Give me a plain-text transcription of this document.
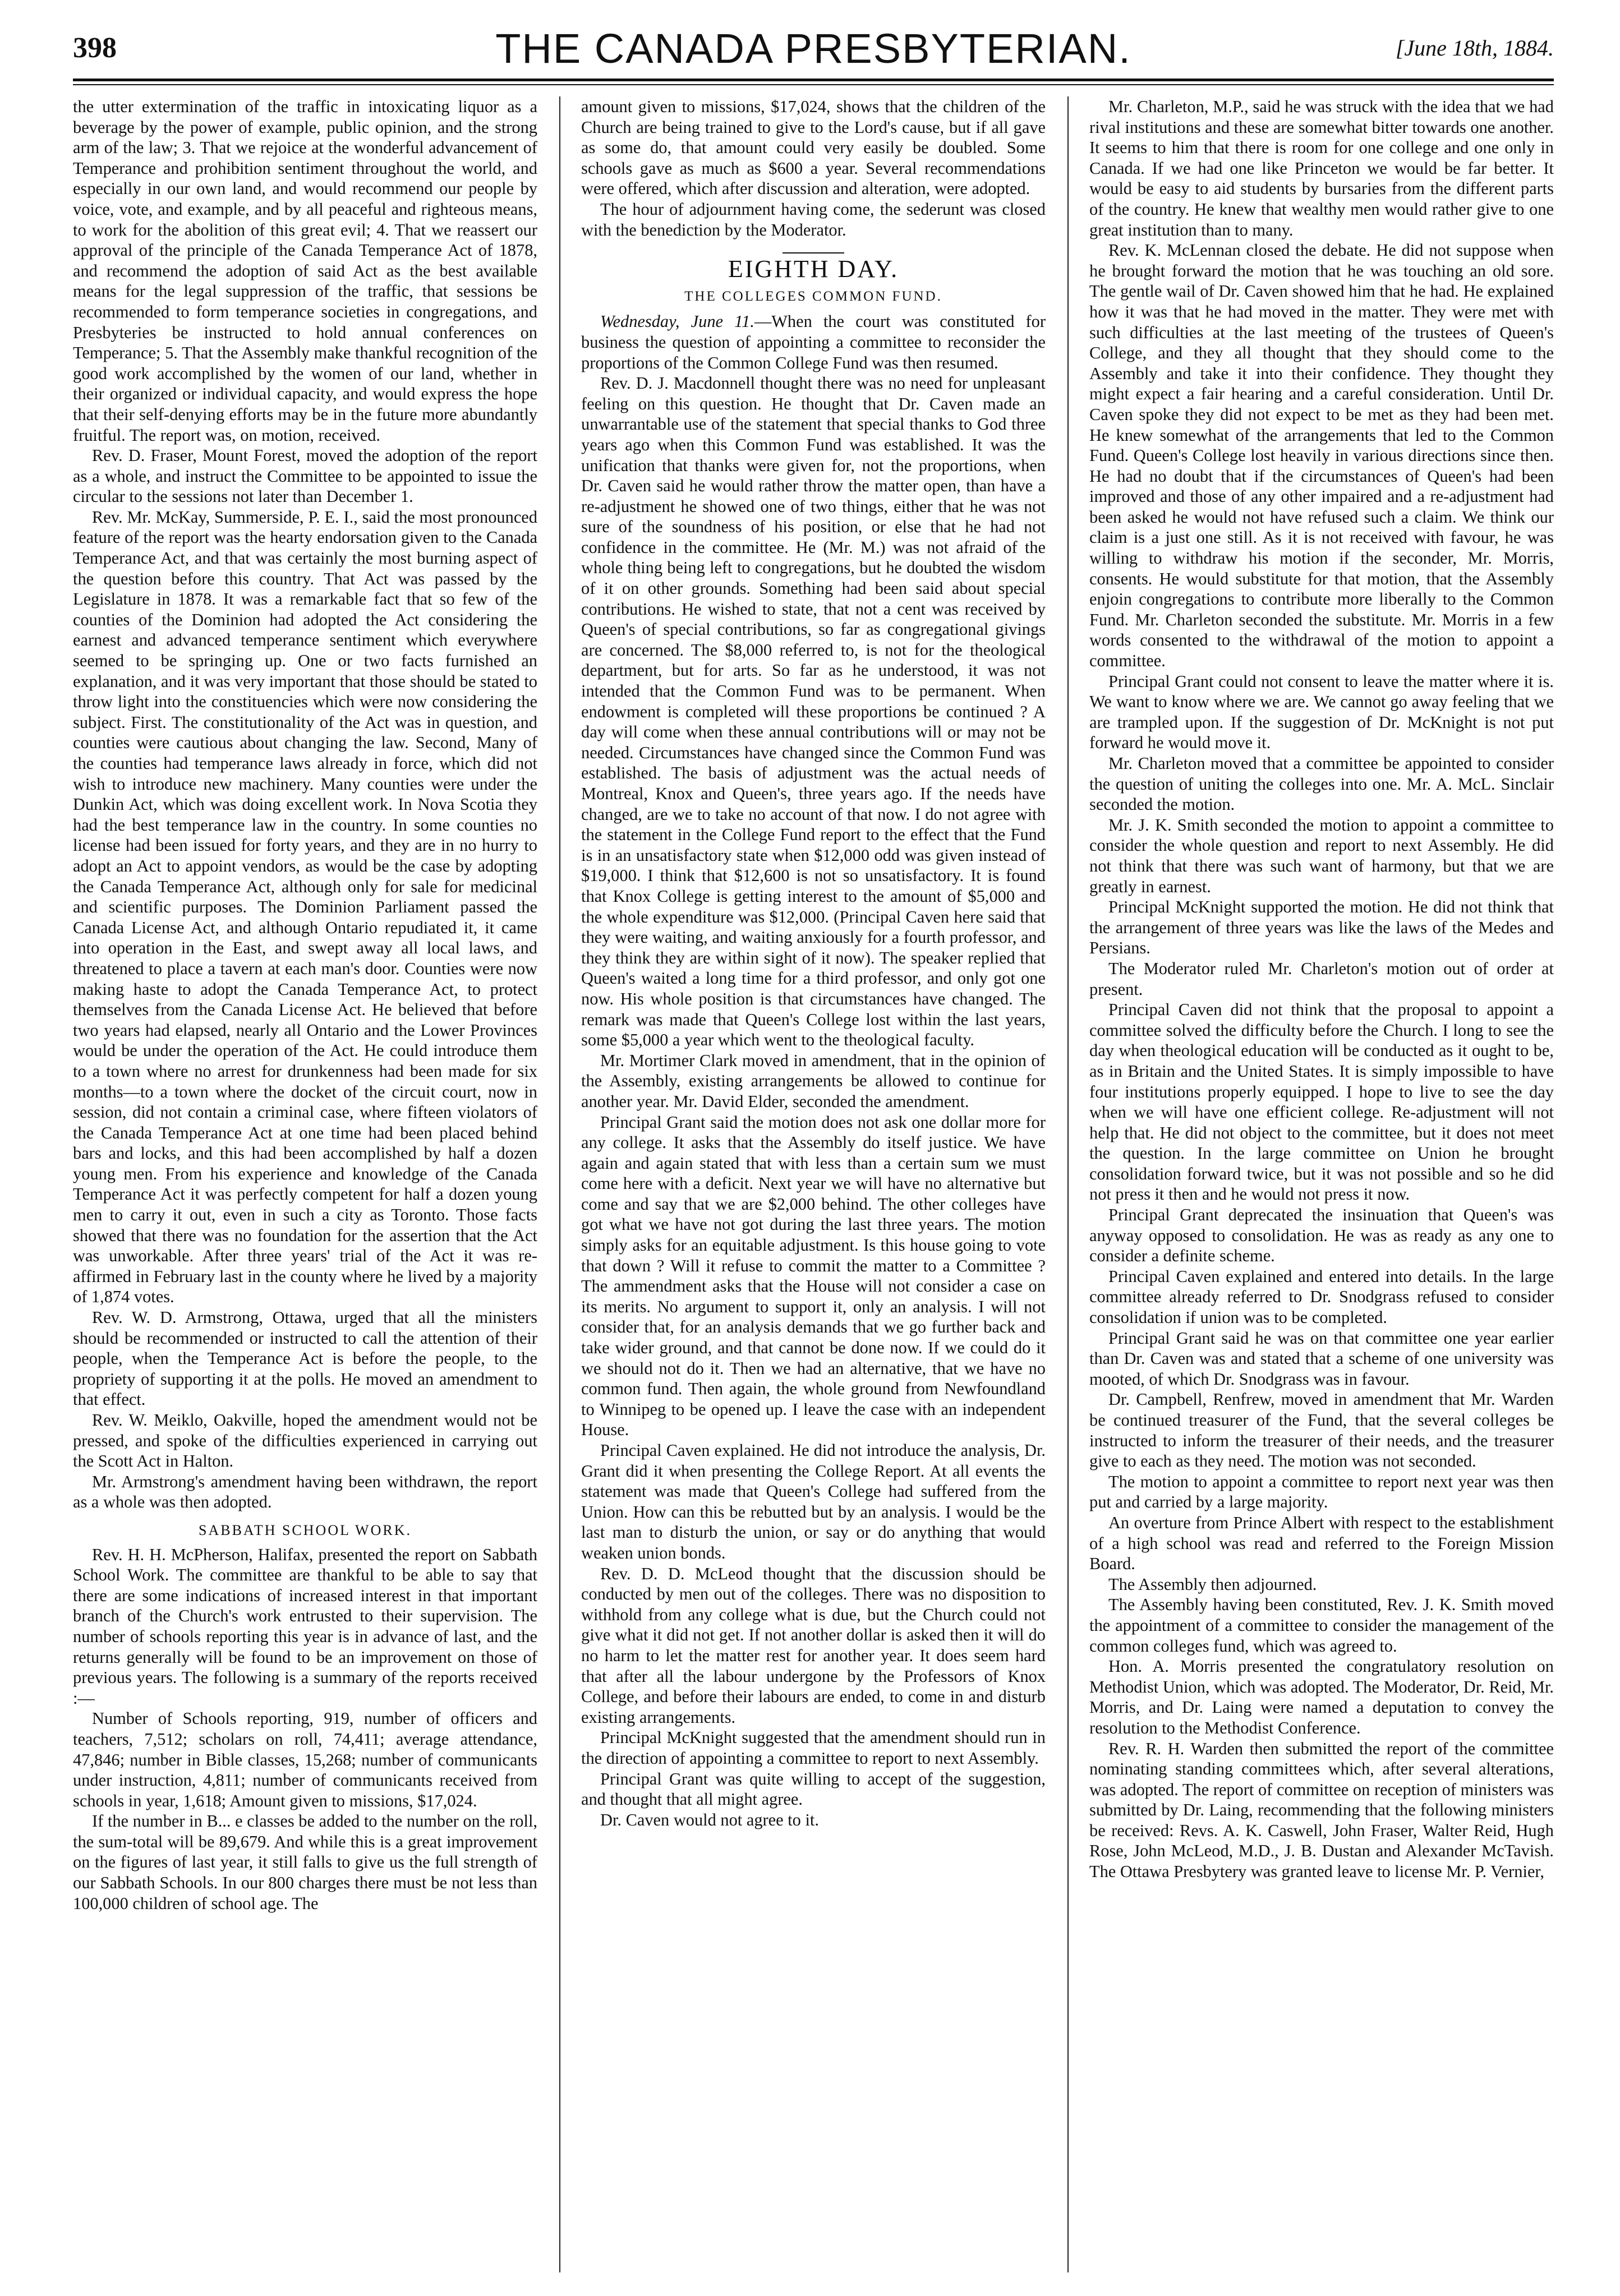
398	THE CANADA PRESBYTERIAN.	[June 18th, 1884.

the utter extermination of the traffic in intoxicating liquor as a beverage by the power of example, public opinion, and the strong arm of the law; 3. That we rejoice at the wonderful advancement of Temperance and prohibition sentiment throughout the world, and especially in our own land, and would recommend our people by voice, vote, and example, and by all peaceful and righteous means, to work for the abolition of this great evil; 4. That we reassert our approval of the principle of the Canada Temperance Act of 1878, and recommend the adoption of said Act as the best available means for the legal suppression of the traffic, that sessions be recommended to form temperance societies in congregations, and Presbyteries be instructed to hold annual conferences on Temperance; 5. That the Assembly make thankful recognition of the good work accomplished by the women of our land, whether in their organized or individual capacity, and would express the hope that their self-denying efforts may be in the future more abundantly fruitful. The report was, on motion, received.

Rev. D. Fraser, Mount Forest, moved the adoption of the report as a whole, and instruct the Committee to be appointed to issue the circular to the sessions not later than December 1.

Rev. Mr. McKay, Summerside, P. E. I., said the most pronounced feature of the report was the hearty endorsation given to the Canada Temperance Act, and that was certainly the most burning aspect of the question before this country. That Act was passed by the Legislature in 1878. It was a remarkable fact that so few of the counties of the Dominion had adopted the Act considering the earnest and advanced temperance sentiment which everywhere seemed to be springing up. One or two facts furnished an explanation, and it was very important that those should be stated to throw light into the constituencies which were now considering the subject. First. The constitutionality of the Act was in question, and counties were cautious about changing the law. Second, Many of the counties had temperance laws already in force, which did not wish to introduce new machinery. Many counties were under the Dunkin Act, which was doing excellent work. In Nova Scotia they had the best temperance law in the country. In some counties no license had been issued for forty years, and they are in no hurry to adopt an Act to appoint vendors, as would be the case by adopting the Canada Temperance Act, although only for sale for medicinal and scientific purposes. The Dominion Parliament passed the Canada License Act, and although Ontario repudiated it, it came into operation in the East, and swept away all local laws, and threatened to place a tavern at each man's door. Counties were now making haste to adopt the Canada Temperance Act, to protect themselves from the Canada License Act. He believed that before two years had elapsed, nearly all Ontario and the Lower Provinces would be under the operation of the Act. He could introduce them to a town where no arrest for drunkenness had been made for six months—to a town where the docket of the circuit court, now in session, did not contain a criminal case, where fifteen violators of the Canada Temperance Act at one time had been placed behind bars and locks, and this had been accomplished by half a dozen young men. From his experience and knowledge of the Canada Temperance Act it was perfectly competent for half a dozen young men to carry it out, even in such a city as Toronto. Those facts showed that there was no foundation for the assertion that the Act was unworkable. After three years' trial of the Act it was re-affirmed in February last in the county where he lived by a majority of 1,874 votes.

Rev. W. D. Armstrong, Ottawa, urged that all the ministers should be recommended or instructed to call the attention of their people, when the Temperance Act is before the people, to the propriety of supporting it at the polls. He moved an amendment to that effect.

Rev. W. Meiklo, Oakville, hoped the amendment would not be pressed, and spoke of the difficulties experienced in carrying out the Scott Act in Halton.

Mr. Armstrong's amendment having been withdrawn, the report as a whole was then adopted.

SABBATH SCHOOL WORK.

Rev. H. H. McPherson, Halifax, presented the report on Sabbath School Work. The committee are thankful to be able to say that there are some indications of increased interest in that important branch of the Church's work entrusted to their supervision. The number of schools reporting this year is in advance of last, and the returns generally will be found to be an improvement on those of previous years. The following is a summary of the reports received :—

Number of Schools reporting, 919, number of officers and teachers, 7,512; scholars on roll, 74,411; average attendance, 47,846; number in Bible classes, 15,268; number of communicants under instruction, 4,811; number of communicants received from schools in year, 1,618; Amount given to missions, $17,024.

If the number in B... e classes be added to the number on the roll, the sum-total will be 89,679. And while this is a great improvement on the figures of last year, it still falls to give us the full strength of our Sabbath Schools. In our 800 charges there must be not less than 100,000 children of school age. The

amount given to missions, $17,024, shows that the children of the Church are being trained to give to the Lord's cause, but if all gave as some do, that amount could very easily be doubled. Some schools gave as much as $600 a year. Several recommendations were offered, which after discussion and alteration, were adopted.

The hour of adjournment having come, the sederunt was closed with the benediction by the Moderator.

EIGHTH DAY.
THE COLLEGES COMMON FUND.

Wednesday, June 11.—When the court was constituted for business the question of appointing a committee to reconsider the proportions of the Common College Fund was then resumed.

Rev. D. J. Macdonnell thought there was no need for unpleasant feeling on this question. He thought that Dr. Caven made an unwarrantable use of the statement that special thanks to God three years ago when this Common Fund was established. It was the unification that thanks were given for, not the proportions, when Dr. Caven said he would rather throw the matter open, than have a re-adjustment he showed one of two things, either that he was not sure of the soundness of his position, or else that he had not confidence in the committee. He (Mr. M.) was not afraid of the whole thing being left to congregations, but he doubted the wisdom of it on other grounds. Something had been said about special contributions. He wished to state, that not a cent was received by Queen's of special contributions, so far as congregational givings are concerned. The $8,000 referred to, is not for the theological department, but for arts. So far as he understood, it was not intended that the Common Fund was to be permanent. When endowment is completed will these proportions be continued ? A day will come when these annual contributions will or may not be needed. Circumstances have changed since the Common Fund was established. The basis of adjustment was the actual needs of Montreal, Knox and Queen's, three years ago. If the needs have changed, are we to take no account of that now. I do not agree with the statement in the College Fund report to the effect that the Fund is in an unsatisfactory state when $12,000 odd was given instead of $19,000. I think that $12,600 is not so unsatisfactory. It is found that Knox College is getting interest to the amount of $5,000 and the whole expenditure was $12,000. (Principal Caven here said that they were waiting, and waiting anxiously for a fourth professor, and they think they are within sight of it now). The speaker replied that Queen's waited a long time for a third professor, and only got one now. His whole position is that circumstances have changed. The remark was made that Queen's College lost within the last years, some $5,000 a year which went to the theological faculty.

Mr. Mortimer Clark moved in amendment, that in the opinion of the Assembly, existing arrangements be allowed to continue for another year. Mr. David Elder, seconded the amendment.

Principal Grant said the motion does not ask one dollar more for any college. It asks that the Assembly do itself justice. We have again and again stated that with less than a certain sum we must come here with a deficit. Next year we will have no alternative but come and say that we are $2,000 behind. The other colleges have got what we have not got during the last three years. The motion simply asks for an equitable adjustment. Is this house going to vote that down ? Will it refuse to commit the matter to a Committee ? The ammendment asks that the House will not consider a case on its merits. No argument to support it, only an analysis. I will not consider that, for an analysis demands that we go further back and take wider ground, and that cannot be done now. If we could do it we should not do it. Then we had an alternative, that we have no common fund. Then again, the whole ground from Newfoundland to Winnipeg to be opened up. I leave the case with an independent House.

Principal Caven explained. He did not introduce the analysis, Dr. Grant did it when presenting the College Report. At all events the statement was made that Queen's College had suffered from the Union. How can this be rebutted but by an analysis. I would be the last man to disturb the union, or say or do anything that would weaken union bonds.

Rev. D. D. McLeod thought that the discussion should be conducted by men out of the colleges. There was no disposition to withhold from any college what is due, but the Church could not give what it did not get. If not another dollar is asked then it will do no harm to let the matter rest for another year. It does seem hard that after all the labour undergone by the Professors of Knox College, and before their labours are ended, to come in and disturb existing arrangements.

Principal McKnight suggested that the amendment should run in the direction of appointing a committee to report to next Assembly.

Principal Grant was quite willing to accept of the suggestion, and thought that all might agree.

Dr. Caven would not agree to it.

Mr. Charleton, M.P., said he was struck with the idea that we had rival institutions and these are somewhat bitter towards one another. It seems to him that there is room for one college and one only in Canada. If we had one like Princeton we would be far better. It would be easy to aid students by bursaries from the different parts of the country. He knew that wealthy men would rather give to one great institution than to many.

Rev. K. McLennan closed the debate. He did not suppose when he brought forward the motion that he was touching an old sore. The gentle wail of Dr. Caven showed him that he had. He explained how it was that he had moved in the matter. They were met with such difficulties at the last meeting of the trustees of Queen's College, and they all thought that they should come to the Assembly and take it into their confidence. They thought they might expect a fair hearing and a careful consideration. Until Dr. Caven spoke they did not expect to be met as they had been met. He knew somewhat of the arrangements that led to the Common Fund. Queen's College lost heavily in various directions since then. He had no doubt that if the circumstances of Queen's had been improved and those of any other impaired and a re-adjustment had been asked he would not have refused such a claim. We think our claim is a just one still. As it is not received with favour, he was willing to withdraw his motion if the seconder, Mr. Morris, consents. He would substitute for that motion, that the Assembly enjoin congregations to contribute more liberally to the Common Fund. Mr. Charleton seconded the substitute. Mr. Morris in a few words consented to the withdrawal of the motion to appoint a committee.

Principal Grant could not consent to leave the matter where it is. We want to know where we are. We cannot go away feeling that we are trampled upon. If the suggestion of Dr. McKnight is not put forward he would move it.

Mr. Charleton moved that a committee be appointed to consider the question of uniting the colleges into one. Mr. A. McL. Sinclair seconded the motion.

Mr. J. K. Smith seconded the motion to appoint a committee to consider the whole question and report to next Assembly. He did not think that there was such want of harmony, but that we are greatly in earnest.

Principal McKnight supported the motion. He did not think that the arrangement of three years was like the laws of the Medes and Persians.

The Moderator ruled Mr. Charleton's motion out of order at present.

Principal Caven did not think that the proposal to appoint a committee solved the difficulty before the Church. I long to see the day when theological education will be conducted as it ought to be, as in Britain and the United States. It is simply impossible to have four institutions properly equipped. I hope to live to see the day when we will have one efficient college. Re-adjustment will not help that. He did not object to the committee, but it does not meet the question. In the large committee on Union he brought consolidation forward twice, but it was not possible and so he did not press it then and he would not press it now.

Principal Grant deprecated the insinuation that Queen's was anyway opposed to consolidation. He was as ready as any one to consider a definite scheme.

Principal Caven explained and entered into details. In the large committee already referred to Dr. Snodgrass refused to consider consolidation if union was to be completed.

Principal Grant said he was on that committee one year earlier than Dr. Caven was and stated that a scheme of one university was mooted, of which Dr. Snodgrass was in favour.

Dr. Campbell, Renfrew, moved in amendment that Mr. Warden be continued treasurer of the Fund, that the several colleges be instructed to inform the treasurer of their needs, and the treasurer give to each as they need. The motion was not seconded.

The motion to appoint a committee to report next year was then put and carried by a large majority.

An overture from Prince Albert with respect to the establishment of a high school was read and referred to the Foreign Mission Board.

The Assembly then adjourned.

The Assembly having been constituted, Rev. J. K. Smith moved the appointment of a committee to consider the management of the common colleges fund, which was agreed to.

Hon. A. Morris presented the congratulatory resolution on Methodist Union, which was adopted. The Moderator, Dr. Reid, Mr. Morris, and Dr. Laing were named a deputation to convey the resolution to the Methodist Conference.

Rev. R. H. Warden then submitted the report of the committee nominating standing committees which, after several alterations, was adopted. The report of committee on reception of ministers was submitted by Dr. Laing, recommending that the following ministers be received: Revs. A. K. Caswell, John Fraser, Walter Reid, Hugh Rose, John McLeod, M.D., J. B. Dustan and Alexander McTavish. The Ottawa Presbytery was granted leave to license Mr. P. Vernier,
